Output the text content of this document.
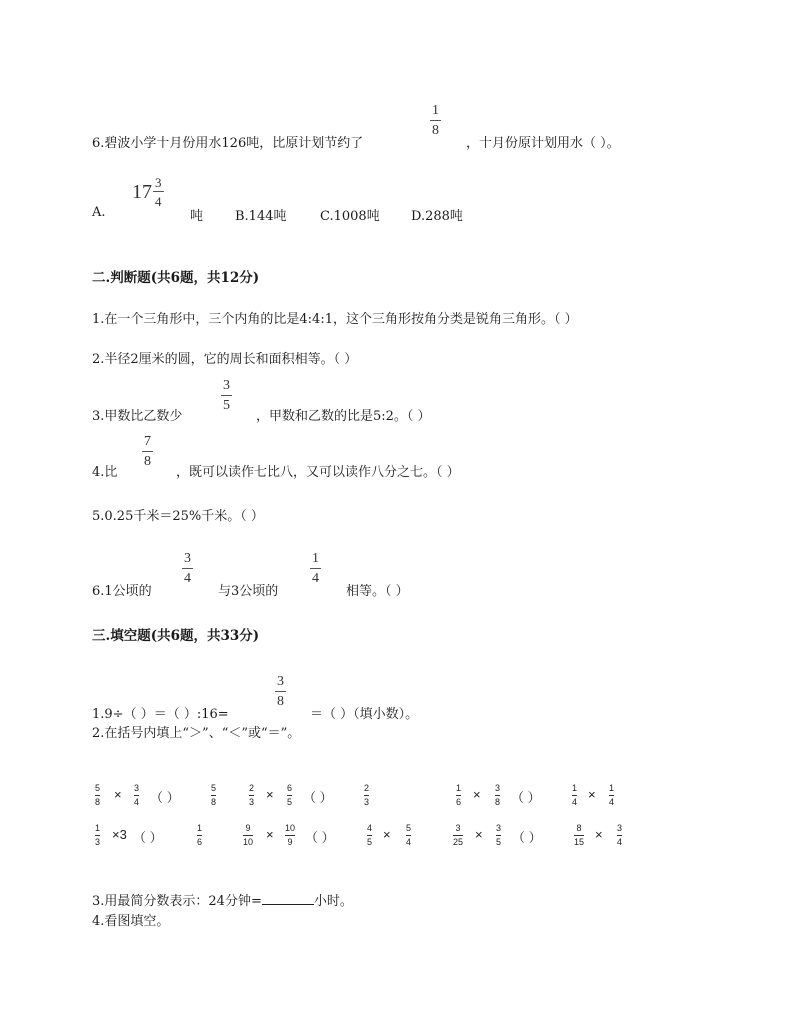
6.碧波小学十月份用水126吨，比原计划节约了
1
8
，十月份原计划用水（ ）。
A.
$17 \frac{3}{4}$
吨 B.144吨	C.1008吨 D.288吨
二.判断题(共6题，共12分)
1.在一个三角形中，三个内角的比是4:4:1，这个三角形按角分类是锐角三角形。（ ）
2.半径2厘米的圆，它的周长和面积相等。（ ）
3.甲数比乙数少
3
5
，甲数和乙数的比是5:2。（ ）
4.比
7
8
，既可以读作七比八，又可以读作八分之七。（ ）
5.0.25千米＝25%千米。（ ）
6.1公顷的
3
4
与3公顷的
1
4
相等。（ ）
三.填空题(共6题，共33分)
1.9÷（ ）＝（ ）:16=
3
8
＝（ ）（填小数）。
2.在括号内填上“＞”、“＜”或“＝”。
5
8 × 3
4 （ ）
5
8
2
3 × 6
5 （ ）
2
3
1
6 × 3
8 （ ）
1
4 × 1
4
1
3 ×3 （ ）
1
6
9
10 × 10
9 （ ）
4
5 × 5
4
3
25 × 3
5 （ ）
8
15 × 3
4
3.用最简分数表示：24分钟=	小时。
4.看图填空。
